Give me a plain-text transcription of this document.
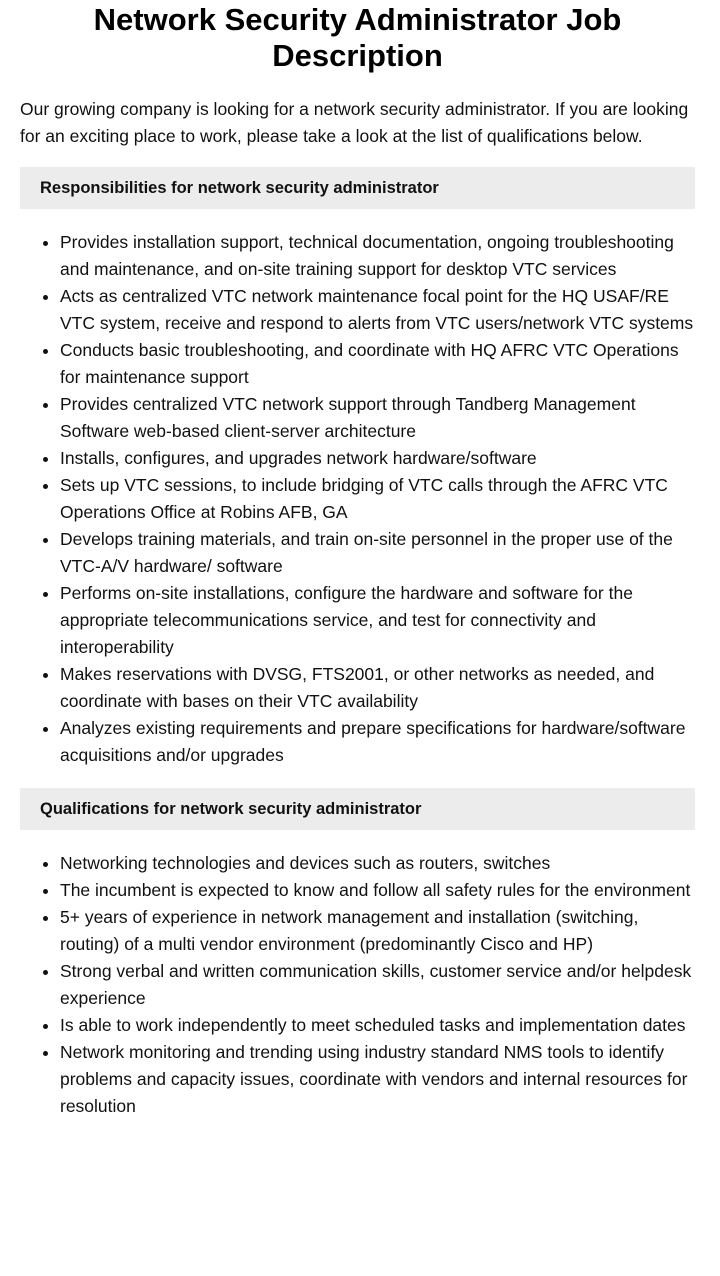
Network Security Administrator Job Description

Our growing company is looking for a network security administrator. If you are looking for an exciting place to work, please take a look at the list of qualifications below.

Responsibilities for network security administrator
• Provides installation support, technical documentation, ongoing troubleshooting and maintenance, and on-site training support for desktop VTC services
• Acts as centralized VTC network maintenance focal point for the HQ USAF/RE VTC system, receive and respond to alerts from VTC users/network VTC systems
• Conducts basic troubleshooting, and coordinate with HQ AFRC VTC Operations for maintenance support
• Provides centralized VTC network support through Tandberg Management Software web-based client-server architecture
• Installs, configures, and upgrades network hardware/software
• Sets up VTC sessions, to include bridging of VTC calls through the AFRC VTC Operations Office at Robins AFB, GA
• Develops training materials, and train on-site personnel in the proper use of the VTC-A/V hardware/ software
• Performs on-site installations, configure the hardware and software for the appropriate telecommunications service, and test for connectivity and interoperability
• Makes reservations with DVSG, FTS2001, or other networks as needed, and coordinate with bases on their VTC availability
• Analyzes existing requirements and prepare specifications for hardware/software acquisitions and/or upgrades
Qualifications for network security administrator
• Networking technologies and devices such as routers, switches
• The incumbent is expected to know and follow all safety rules for the environment
• 5+ years of experience in network management and installation (switching, routing) of a multi vendor environment (predominantly Cisco and HP)
• Strong verbal and written communication skills, customer service and/or helpdesk experience
• Is able to work independently to meet scheduled tasks and implementation dates
• Network monitoring and trending using industry standard NMS tools to identify problems and capacity issues, coordinate with vendors and internal resources for resolution
